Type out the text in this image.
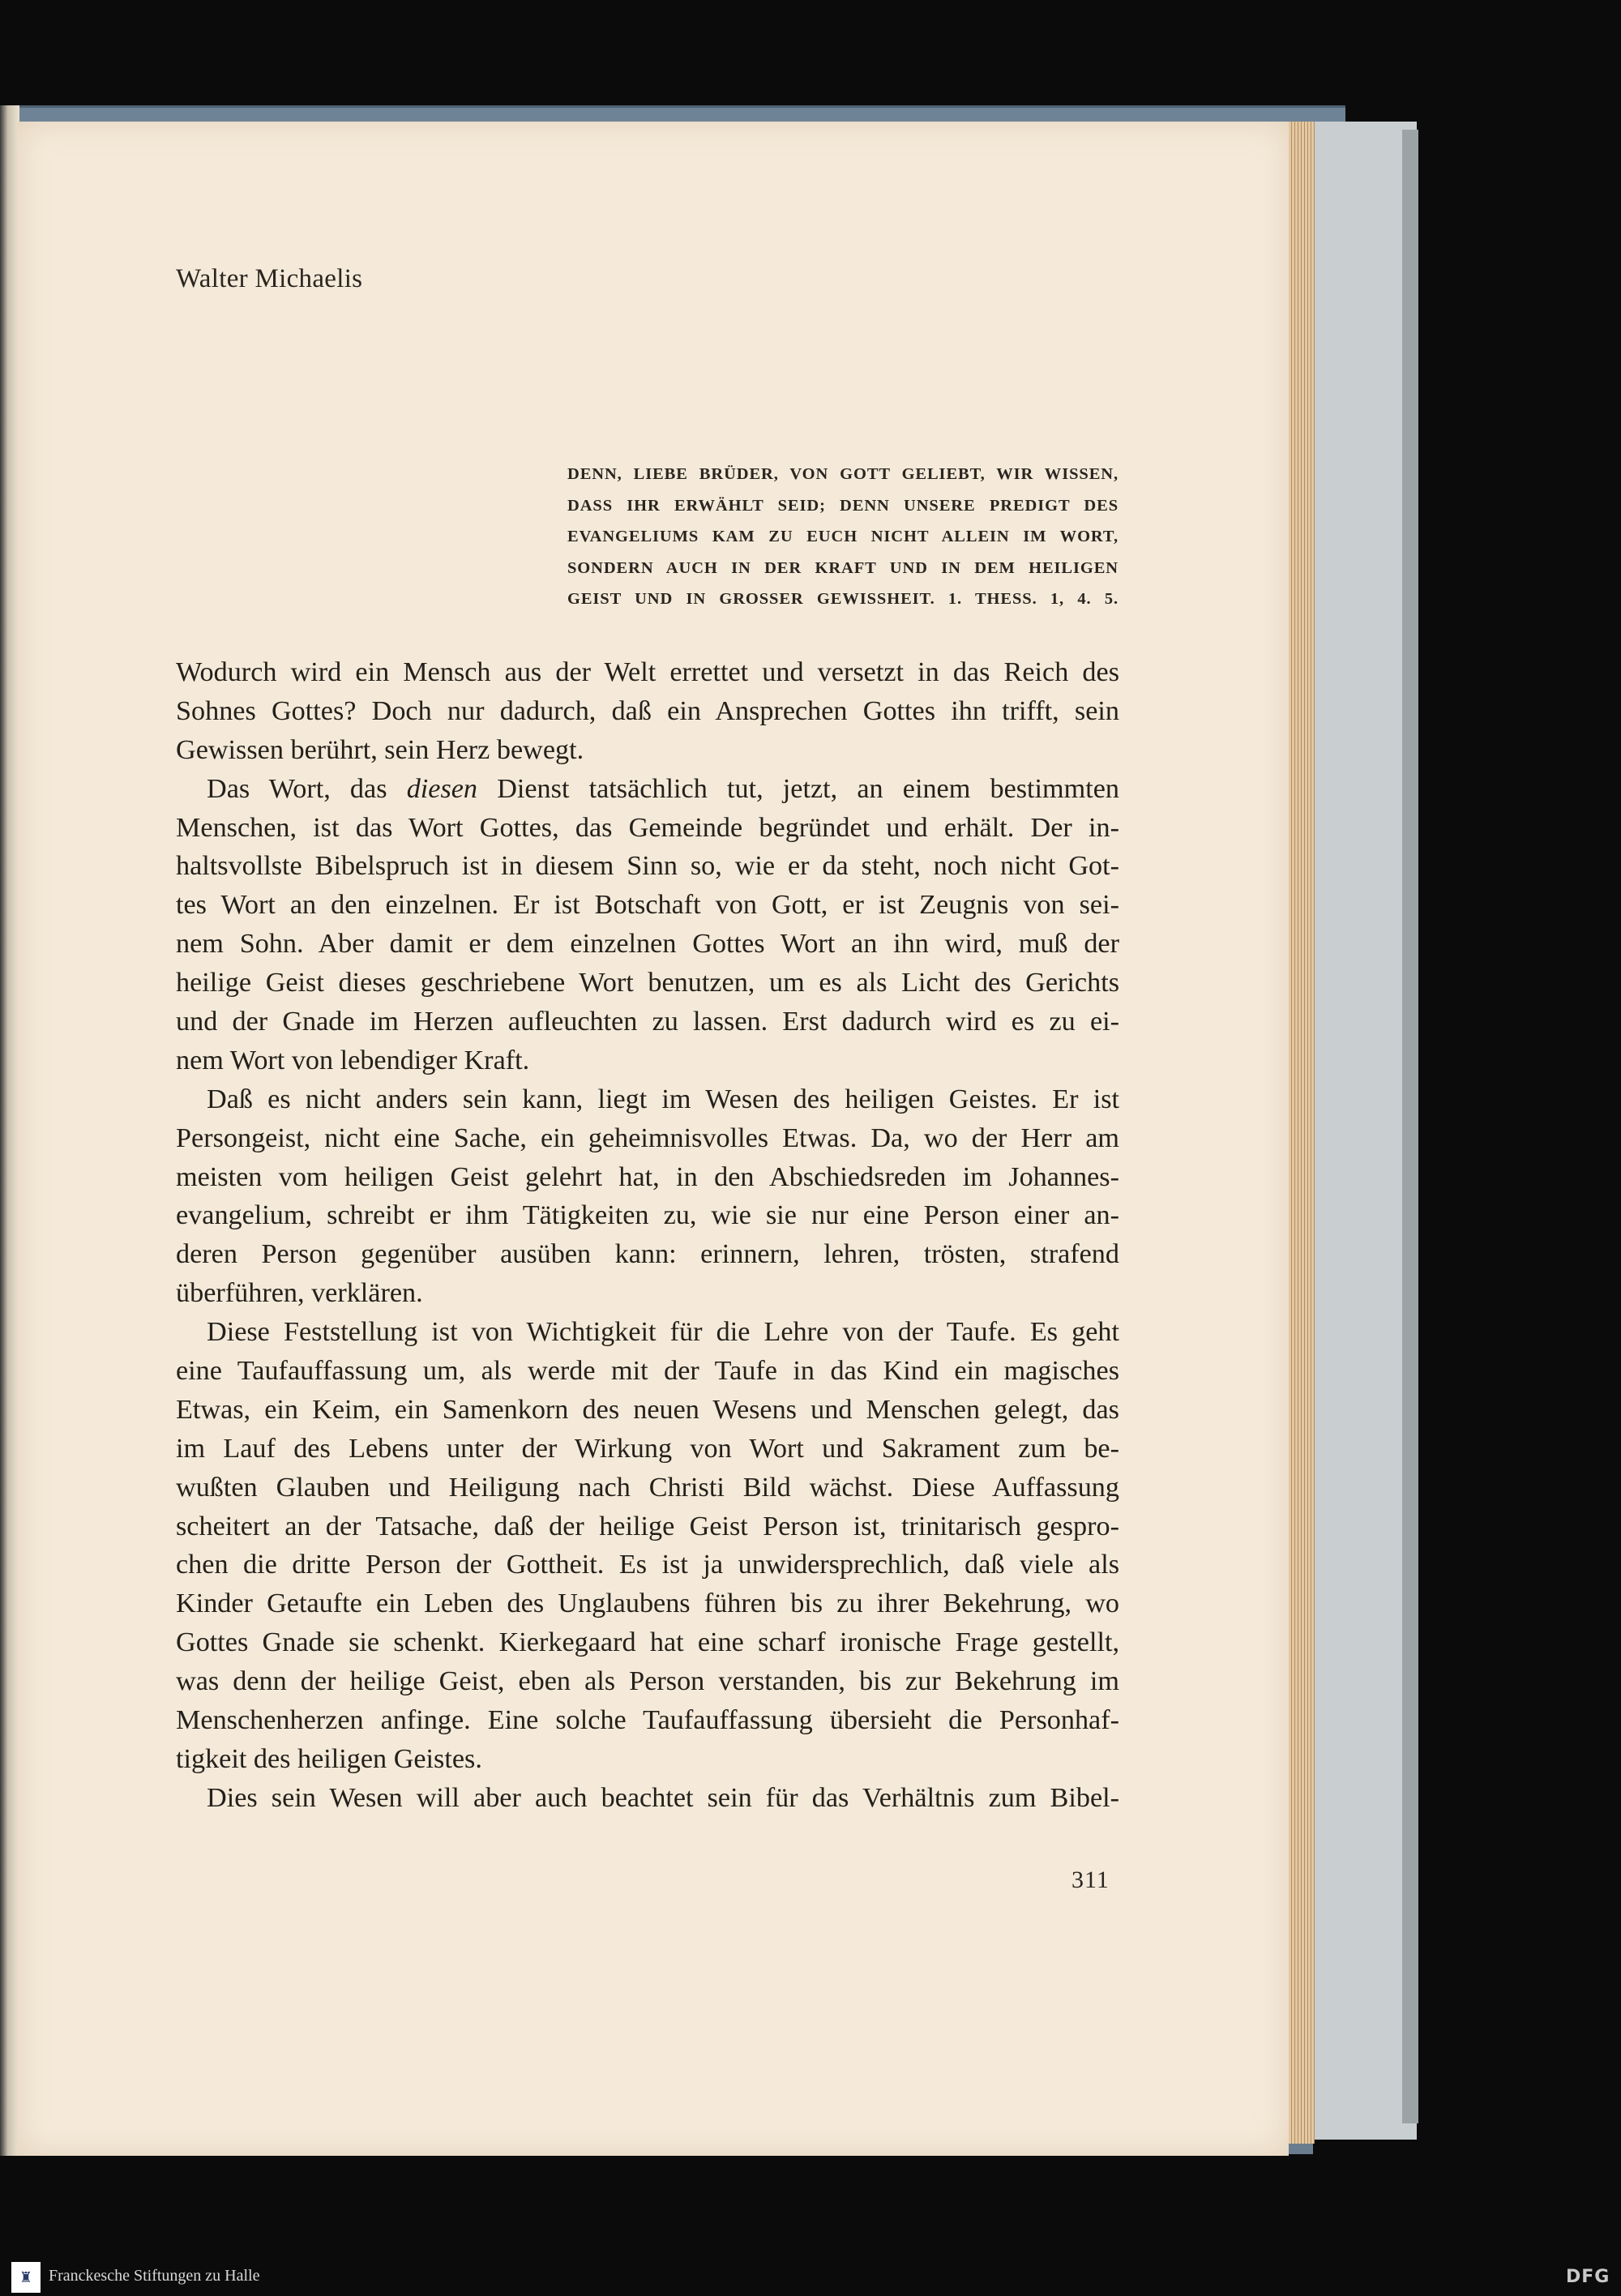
Walter Michaelis
DENN, LIEBE BRÜDER, VON GOTT GELIEBT, WIR WISSEN,
DASS IHR ERWÄHLT SEID; DENN UNSERE PREDIGT DES
EVANGELIUMS KAM ZU EUCH NICHT ALLEIN IM WORT,
SONDERN AUCH IN DER KRAFT UND IN DEM HEILIGEN
GEIST UND IN GROSSER GEWISSHEIT. 1. THESS. 1, 4. 5.
Wodurch wird ein Mensch aus der Welt errettet und versetzt in das Reich des
Sohnes Gottes? Doch nur dadurch, daß ein Ansprechen Gottes ihn trifft, sein
Gewissen berührt, sein Herz bewegt.
Das Wort, das diesen Dienst tatsächlich tut, jetzt, an einem bestimmten
Menschen, ist das Wort Gottes, das Gemeinde begründet und erhält. Der in-
haltsvollste Bibelspruch ist in diesem Sinn so, wie er da steht, noch nicht Got-
tes Wort an den einzelnen. Er ist Botschaft von Gott, er ist Zeugnis von sei-
nem Sohn. Aber damit er dem einzelnen Gottes Wort an ihn wird, muß der
heilige Geist dieses geschriebene Wort benutzen, um es als Licht des Gerichts
und der Gnade im Herzen aufleuchten zu lassen. Erst dadurch wird es zu ei-
nem Wort von lebendiger Kraft.
Daß es nicht anders sein kann, liegt im Wesen des heiligen Geistes. Er ist
Persongeist, nicht eine Sache, ein geheimnisvolles Etwas. Da, wo der Herr am
meisten vom heiligen Geist gelehrt hat, in den Abschiedsreden im Johannes-
evangelium, schreibt er ihm Tätigkeiten zu, wie sie nur eine Person einer an-
deren Person gegenüber ausüben kann: erinnern, lehren, trösten, strafend
überführen, verklären.
Diese Feststellung ist von Wichtigkeit für die Lehre von der Taufe. Es geht
eine Taufauffassung um, als werde mit der Taufe in das Kind ein magisches
Etwas, ein Keim, ein Samenkorn des neuen Wesens und Menschen gelegt, das
im Lauf des Lebens unter der Wirkung von Wort und Sakrament zum be-
wußten Glauben und Heiligung nach Christi Bild wächst. Diese Auffassung
scheitert an der Tatsache, daß der heilige Geist Person ist, trinitarisch gespro-
chen die dritte Person der Gottheit. Es ist ja unwidersprechlich, daß viele als
Kinder Getaufte ein Leben des Unglaubens führen bis zu ihrer Bekehrung, wo
Gottes Gnade sie schenkt. Kierkegaard hat eine scharf ironische Frage gestellt,
was denn der heilige Geist, eben als Person verstanden, bis zur Bekehrung im
Menschenherzen anfinge. Eine solche Taufauffassung übersieht die Personhaf-
tigkeit des heiligen Geistes.
Dies sein Wesen will aber auch beachtet sein für das Verhältnis zum Bibel-
311
♜ Franckesche Stiftungen zu Halle	DFG
